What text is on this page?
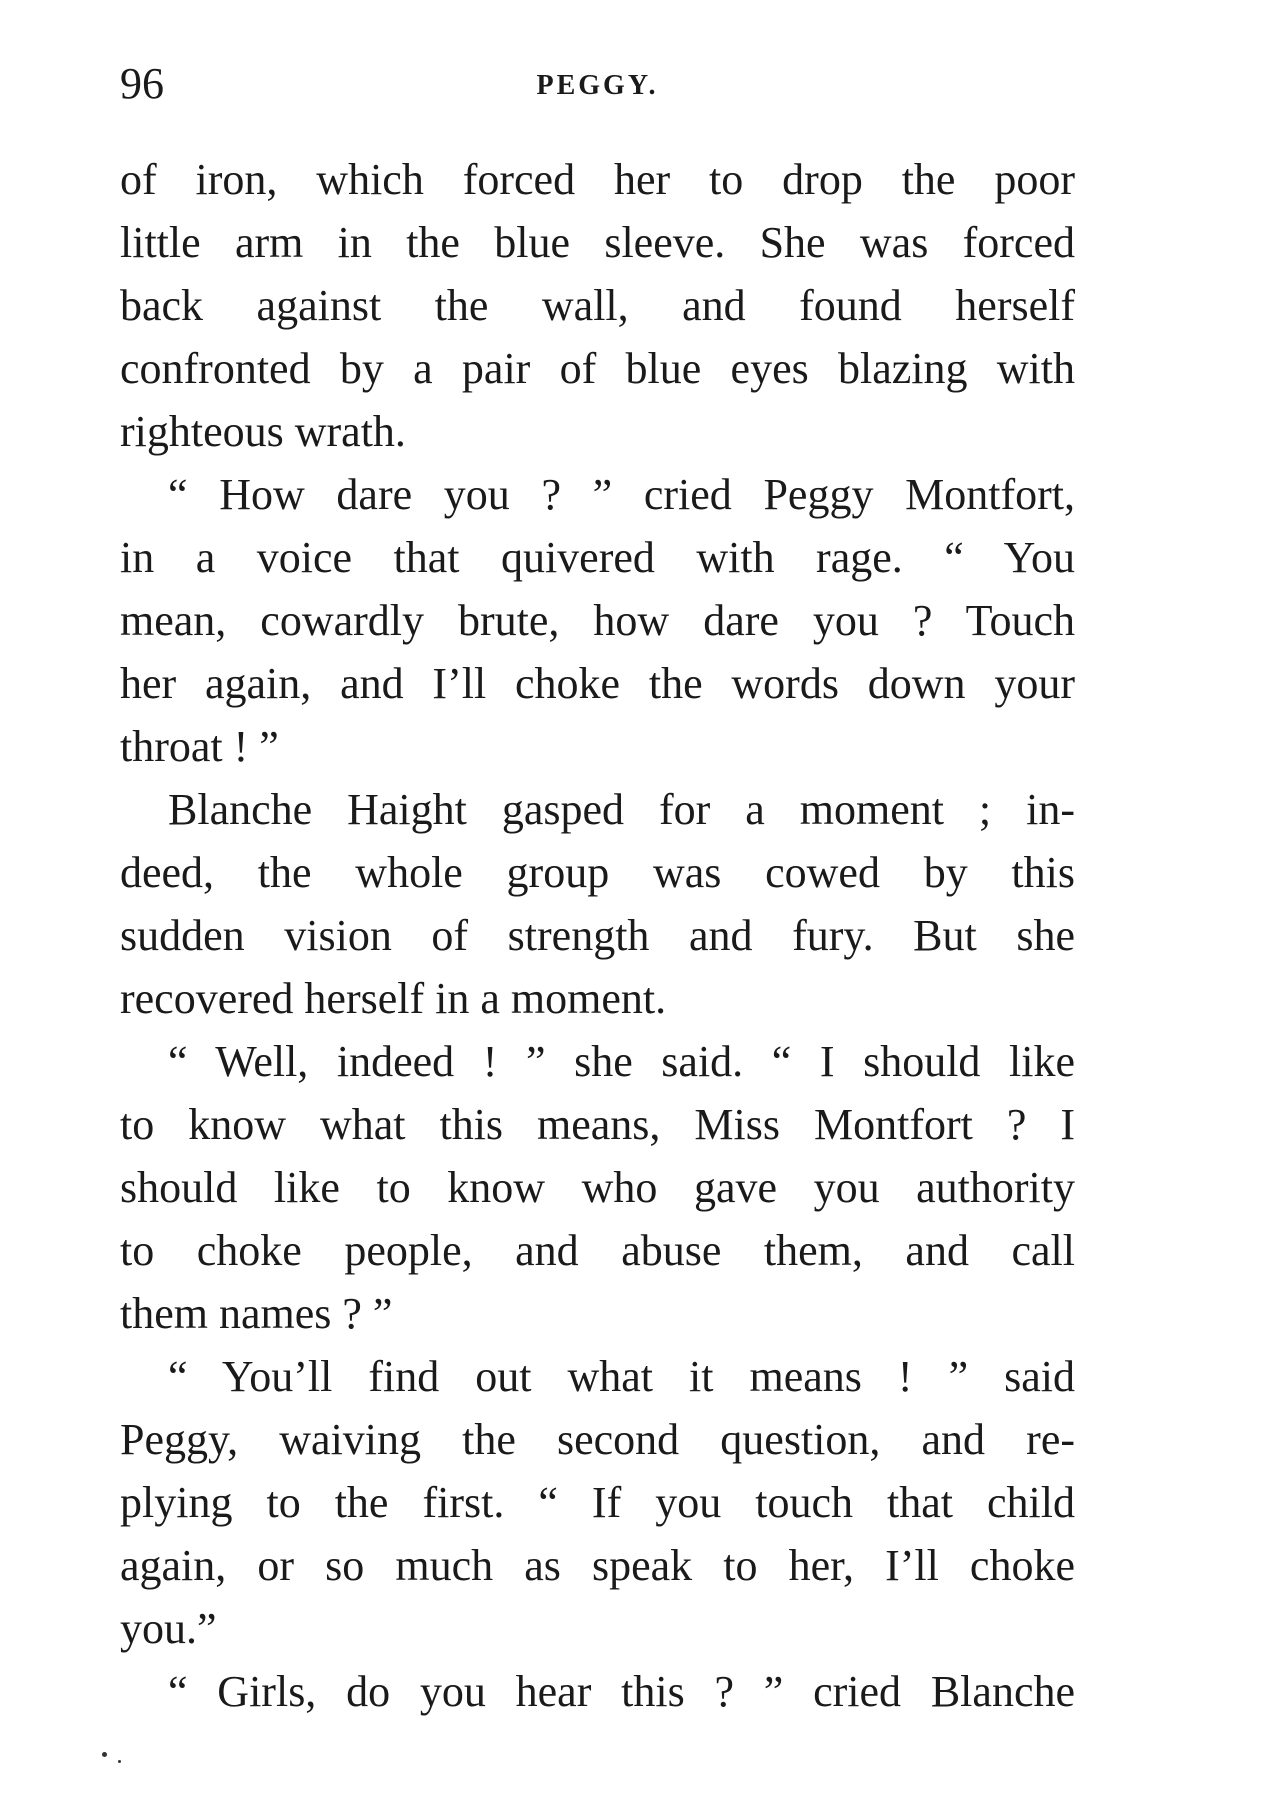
96	PEGGY.
of iron, which forced her to drop the poor
little arm in the blue sleeve. She was forced
back against the wall, and found herself
confronted by a pair of blue eyes blazing with
righteous wrath.
“ How dare you ? ” cried Peggy Montfort,
in a voice that quivered with rage. “ You
mean, cowardly brute, how dare you ? Touch
her again, and I’ll choke the words down your
throat ! ”
Blanche Haight gasped for a moment ; in-
deed, the whole group was cowed by this
sudden vision of strength and fury. But she
recovered herself in a moment.
“ Well, indeed ! ” she said. “ I should like
to know what this means, Miss Montfort ? I
should like to know who gave you authority
to choke people, and abuse them, and call
them names ? ”
“ You’ll find out what it means ! ” said
Peggy, waiving the second question, and re-
plying to the first. “ If you touch that child
again, or so much as speak to her, I’ll choke
you.”
“ Girls, do you hear this ? ” cried Blanche
